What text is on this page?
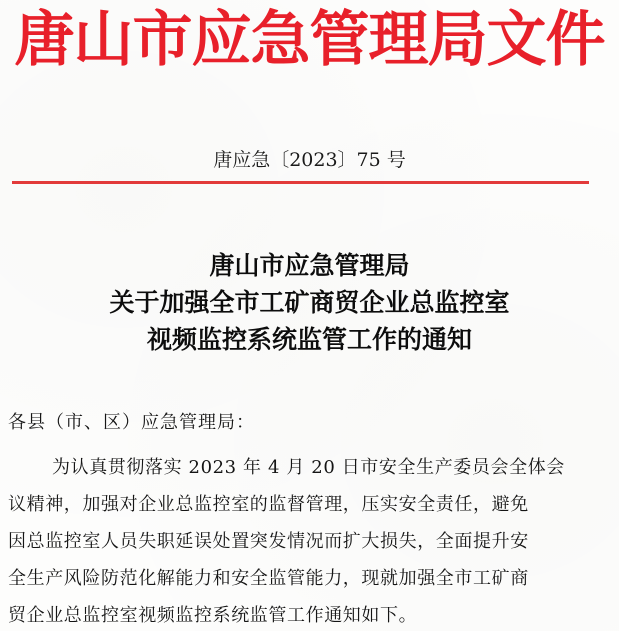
唐山市应急管理局文件
唐应急〔2023〕75 号
唐山市应急管理局
关于加强全市工矿商贸企业总监控室
视频监控系统监管工作的通知
各县（市、区）应急管理局：
为认真贯彻落实 2023 年 4 月 20 日市安全生产委员会全体会
议精神，加强对企业总监控室的监督管理，压实安全责任，避免
因总监控室人员失职延误处置突发情况而扩大损失，全面提升安
全生产风险防范化解能力和安全监管能力，现就加强全市工矿商
贸企业总监控室视频监控系统监管工作通知如下。
